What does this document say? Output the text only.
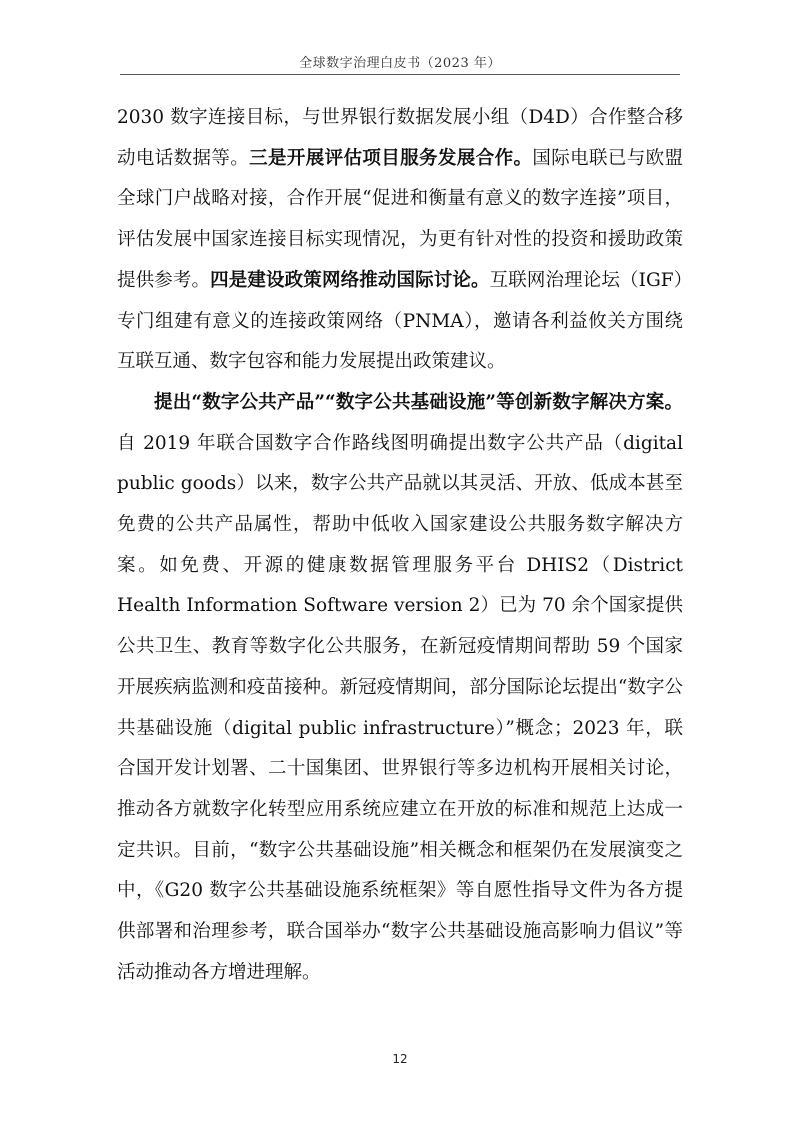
全球数字治理白皮书（2023 年）

2030 数字连接目标，与世界银行数据发展小组（D4D）合作整合移动电话数据等。三是开展评估项目服务发展合作。国际电联已与欧盟全球门户战略对接，合作开展“促进和衡量有意义的数字连接”项目，评估发展中国家连接目标实现情况，为更有针对性的投资和援助政策提供参考。四是建设政策网络推动国际讨论。互联网治理论坛（IGF）专门组建有意义的连接政策网络（PNMA），邀请各利益攸关方围绕互联互通、数字包容和能力发展提出政策建议。

提出“数字公共产品”“数字公共基础设施”等创新数字解决方案。自 2019 年联合国数字合作路线图明确提出数字公共产品（digital public goods）以来，数字公共产品就以其灵活、开放、低成本甚至免费的公共产品属性，帮助中低收入国家建设公共服务数字解决方案。如免费、开源的健康数据管理服务平台 DHIS2（District Health Information Software version 2）已为 70 余个国家提供公共卫生、教育等数字化公共服务，在新冠疫情期间帮助 59 个国家开展疾病监测和疫苗接种。新冠疫情期间，部分国际论坛提出“数字公共基础设施（digital public infrastructure）”概念；2023 年，联合国开发计划署、二十国集团、世界银行等多边机构开展相关讨论，推动各方就数字化转型应用系统应建立在开放的标准和规范上达成一定共识。目前，“数字公共基础设施”相关概念和框架仍在发展演变之中，《G20 数字公共基础设施系统框架》等自愿性指导文件为各方提供部署和治理参考，联合国举办“数字公共基础设施高影响力倡议”等活动推动各方增进理解。

12
